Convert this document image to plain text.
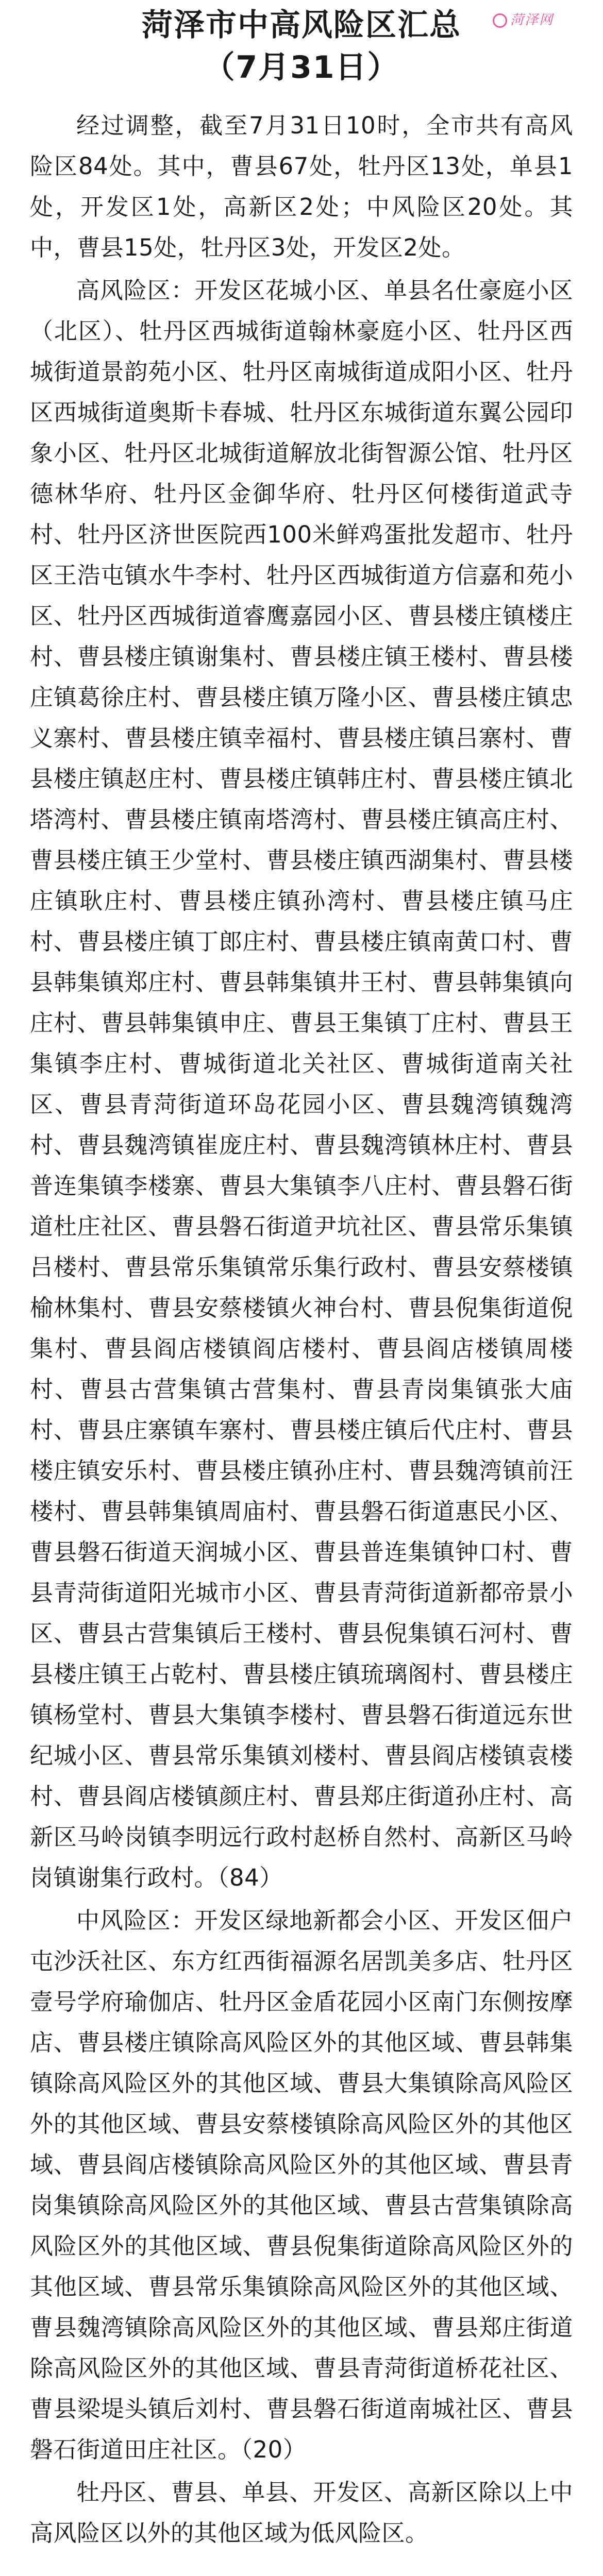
菏泽网
菏泽市中高风险区汇总
（7月31日）

经过调整，截至7月31日10时，全市共有高风险区84处。其中，曹县67处，牡丹区13处，单县1处，开发区1处，高新区2处；中风险区20处。其中，曹县15处，牡丹区3处，开发区2处。

高风险区：开发区花城小区、单县名仕豪庭小区（北区）、牡丹区西城街道翰林豪庭小区、牡丹区西城街道景韵苑小区、牡丹区南城街道成阳小区、牡丹区西城街道奥斯卡春城、牡丹区东城街道东翼公园印象小区、牡丹区北城街道解放北街智源公馆、牡丹区德林华府、牡丹区金御华府、牡丹区何楼街道武寺村、牡丹区济世医院西100米鲜鸡蛋批发超市、牡丹区王浩屯镇水牛李村、牡丹区西城街道方信嘉和苑小区、牡丹区西城街道睿鹰嘉园小区、曹县楼庄镇楼庄村、曹县楼庄镇谢集村、曹县楼庄镇王楼村、曹县楼庄镇葛徐庄村、曹县楼庄镇万隆小区、曹县楼庄镇忠义寨村、曹县楼庄镇幸福村、曹县楼庄镇吕寨村、曹县楼庄镇赵庄村、曹县楼庄镇韩庄村、曹县楼庄镇北塔湾村、曹县楼庄镇南塔湾村、曹县楼庄镇高庄村、曹县楼庄镇王少堂村、曹县楼庄镇西湖集村、曹县楼庄镇耿庄村、曹县楼庄镇孙湾村、曹县楼庄镇马庄村、曹县楼庄镇丁郎庄村、曹县楼庄镇南黄口村、曹县韩集镇郑庄村、曹县韩集镇井王村、曹县韩集镇向庄村、曹县韩集镇申庄、曹县王集镇丁庄村、曹县王集镇李庄村、曹城街道北关社区、曹城街道南关社区、曹县青菏街道环岛花园小区、曹县魏湾镇魏湾村、曹县魏湾镇崔庞庄村、曹县魏湾镇林庄村、曹县普连集镇李楼寨、曹县大集镇李八庄村、曹县磐石街道杜庄社区、曹县磐石街道尹坑社区、曹县常乐集镇吕楼村、曹县常乐集镇常乐集行政村、曹县安蔡楼镇榆林集村、曹县安蔡楼镇火神台村、曹县倪集街道倪集村、曹县阎店楼镇阎店楼村、曹县阎店楼镇周楼村、曹县古营集镇古营集村、曹县青岗集镇张大庙村、曹县庄寨镇车寨村、曹县楼庄镇后代庄村、曹县楼庄镇安乐村、曹县楼庄镇孙庄村、曹县魏湾镇前汪楼村、曹县韩集镇周庙村、曹县磐石街道惠民小区、曹县磐石街道天润城小区、曹县普连集镇钟口村、曹县青菏街道阳光城市小区、曹县青菏街道新都帝景小区、曹县古营集镇后王楼村、曹县倪集镇石河村、曹县楼庄镇王占乾村、曹县楼庄镇琉璃阁村、曹县楼庄镇杨堂村、曹县大集镇李楼村、曹县磐石街道远东世纪城小区、曹县常乐集镇刘楼村、曹县阎店楼镇袁楼村、曹县阎店楼镇颜庄村、曹县郑庄街道孙庄村、高新区马岭岗镇李明远行政村赵桥自然村、高新区马岭岗镇谢集行政村。（84）

中风险区：开发区绿地新都会小区、开发区佃户屯沙沃社区、东方红西街福源名居凯美多店、牡丹区壹号学府瑜伽店、牡丹区金盾花园小区南门东侧按摩店、曹县楼庄镇除高风险区外的其他区域、曹县韩集镇除高风险区外的其他区域、曹县大集镇除高风险区外的其他区域、曹县安蔡楼镇除高风险区外的其他区域、曹县阎店楼镇除高风险区外的其他区域、曹县青岗集镇除高风险区外的其他区域、曹县古营集镇除高风险区外的其他区域、曹县倪集街道除高风险区外的其他区域、曹县常乐集镇除高风险区外的其他区域、曹县魏湾镇除高风险区外的其他区域、曹县郑庄街道除高风险区外的其他区域、曹县青菏街道桥花社区、曹县梁堤头镇后刘村、曹县磐石街道南城社区、曹县磐石街道田庄社区。（20）

牡丹区、曹县、单县、开发区、高新区除以上中高风险区以外的其他区域为低风险区。
